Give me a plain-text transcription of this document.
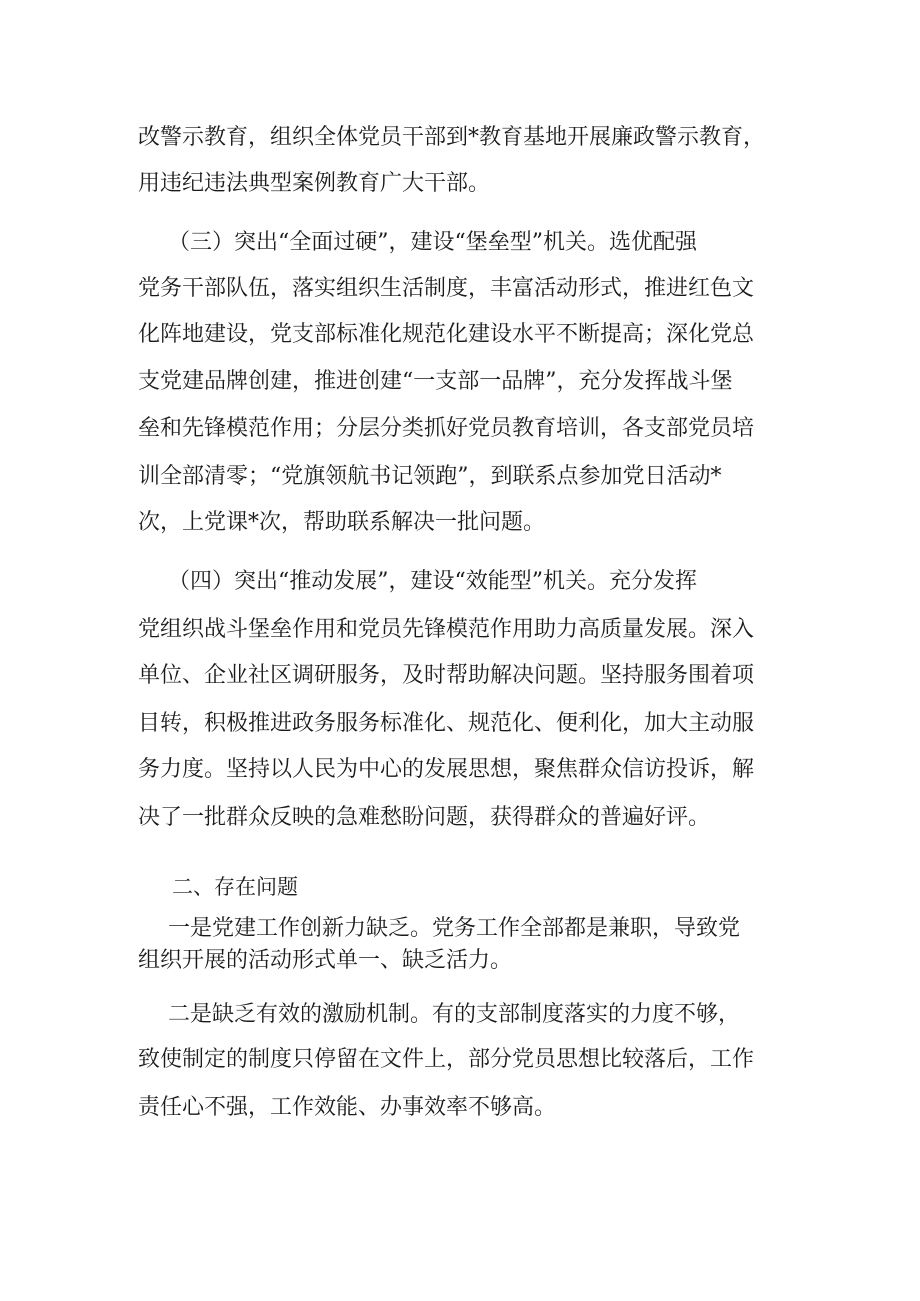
改警示教育，组织全体党员干部到*教育基地开展廉政警示教育，
用违纪违法典型案例教育广大干部。
（三）突出“全面过硬”，建设“堡垒型”机关。选优配强
党务干部队伍，落实组织生活制度，丰富活动形式，推进红色文
化阵地建设，党支部标准化规范化建设水平不断提高；深化党总
支党建品牌创建，推进创建“一支部一品牌”，充分发挥战斗堡
垒和先锋模范作用；分层分类抓好党员教育培训，各支部党员培
训全部清零；“党旗领航书记领跑”，到联系点参加党日活动*
次，上党课*次，帮助联系解决一批问题。
（四）突出“推动发展”，建设“效能型”机关。充分发挥
党组织战斗堡垒作用和党员先锋模范作用助力高质量发展。深入
单位、企业社区调研服务，及时帮助解决问题。坚持服务围着项
目转，积极推进政务服务标准化、规范化、便利化，加大主动服
务力度。坚持以人民为中心的发展思想，聚焦群众信访投诉，解
决了一批群众反映的急难愁盼问题，获得群众的普遍好评。
二、存在问题
一是党建工作创新力缺乏。党务工作全部都是兼职，导致党
组织开展的活动形式单一、缺乏活力。
二是缺乏有效的激励机制。有的支部制度落实的力度不够，
致使制定的制度只停留在文件上，部分党员思想比较落后，工作
责任心不强，工作效能、办事效率不够高。
